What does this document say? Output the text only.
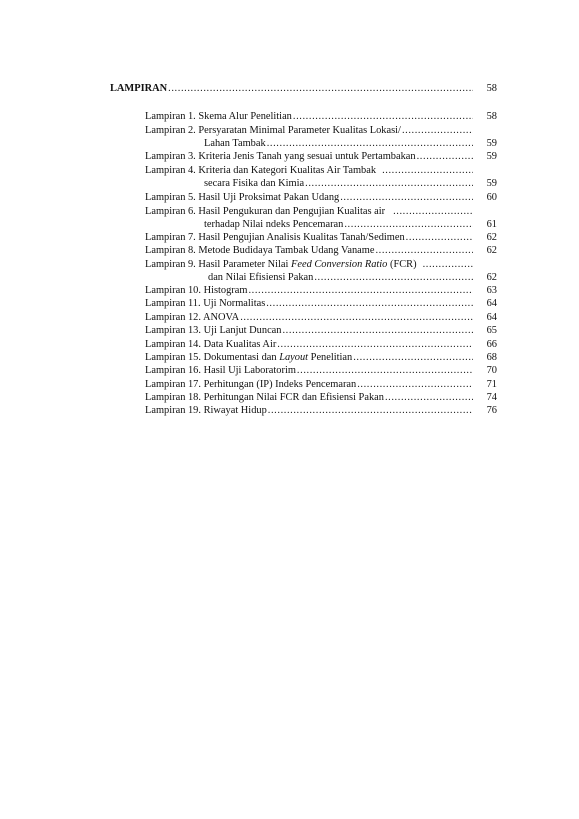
LAMPIRAN .....	58
Lampiran 1. Skema Alur Penelitian .....	58
Lampiran 2. Persyaratan Minimal Parameter Kualitas Lokasi/
.....
Lahan Tambak .....	59
Lampiran 3. Kriteria Jenis Tanah yang sesuai untuk Pertambakan .....	59
Lampiran 4. Kriteria dan Kategori Kualitas Air Tambak
.....
secara Fisika dan Kimia .....	59
Lampiran 5. Hasil Uji Proksimat Pakan Udang .....	60
Lampiran 6. Hasil Pengukuran dan Pengujian Kualitas air
.....
terhadap Nilai ndeks Pencemaran .....	61
Lampiran 7. Hasil Pengujian Analisis Kualitas Tanah/Sedimen .....	62
Lampiran 8. Metode Budidaya Tambak Udang Vaname .....	62
Lampiran 9. Hasil Parameter Nilai Feed Conversion Ratio (FCR)
.....
dan Nilai Efisiensi Pakan .....	62
Lampiran 10. Histogram .....	63
Lampiran 11. Uji Normalitas .....	64
Lampiran 12. ANOVA .....	64
Lampiran 13. Uji Lanjut Duncan .....	65
Lampiran 14. Data Kualitas Air .....	66
Lampiran 15. Dokumentasi dan Layout Penelitian .....	68
Lampiran 16. Hasil Uji Laboratorim .....	70
Lampiran 17. Perhitungan (IP) Indeks Pencemaran .....	71
Lampiran 18. Perhitungan Nilai FCR dan Efisiensi Pakan .....	74
Lampiran 19. Riwayat Hidup .....	76
